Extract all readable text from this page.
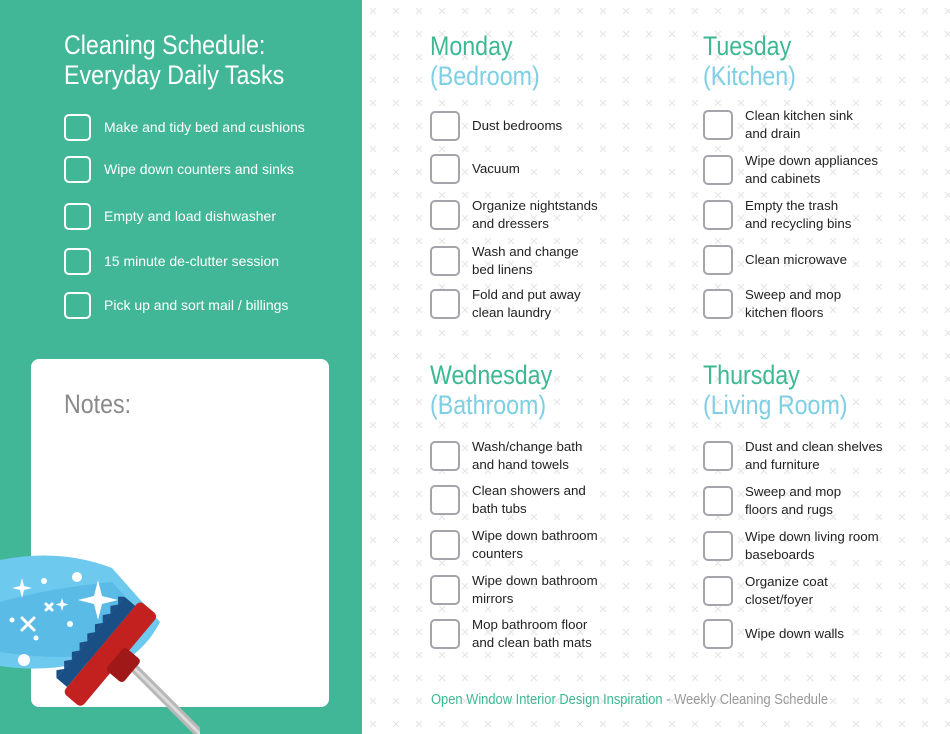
Cleaning Schedule:
Everyday Daily Tasks
Make and tidy bed and cushions
Wipe down counters and sinks
Empty and load dishwasher
15 minute de-clutter session
Pick up and sort mail / billings
Notes:
Monday
(Bedroom)
Dust bedrooms
Vacuum
Organize nightstands
and dressers
Wash and change
bed linens
Fold and put away
clean laundry
Tuesday
(Kitchen)
Clean kitchen sink
and drain
Wipe down appliances
and cabinets
Empty the trash
and recycling bins
Clean microwave
Sweep and mop
kitchen floors
Wednesday
(Bathroom)
Wash/change bath
and hand towels
Clean showers and
bath tubs
Wipe down bathroom
counters
Wipe down bathroom
mirrors
Mop bathroom floor
and clean bath mats
Thursday
(Living Room)
Dust and clean shelves
and furniture
Sweep and mop
floors and rugs
Wipe down living room
baseboards
Organize coat
closet/foyer
Wipe down walls
Open Window Interior Design Inspiration - Weekly Cleaning Schedule
